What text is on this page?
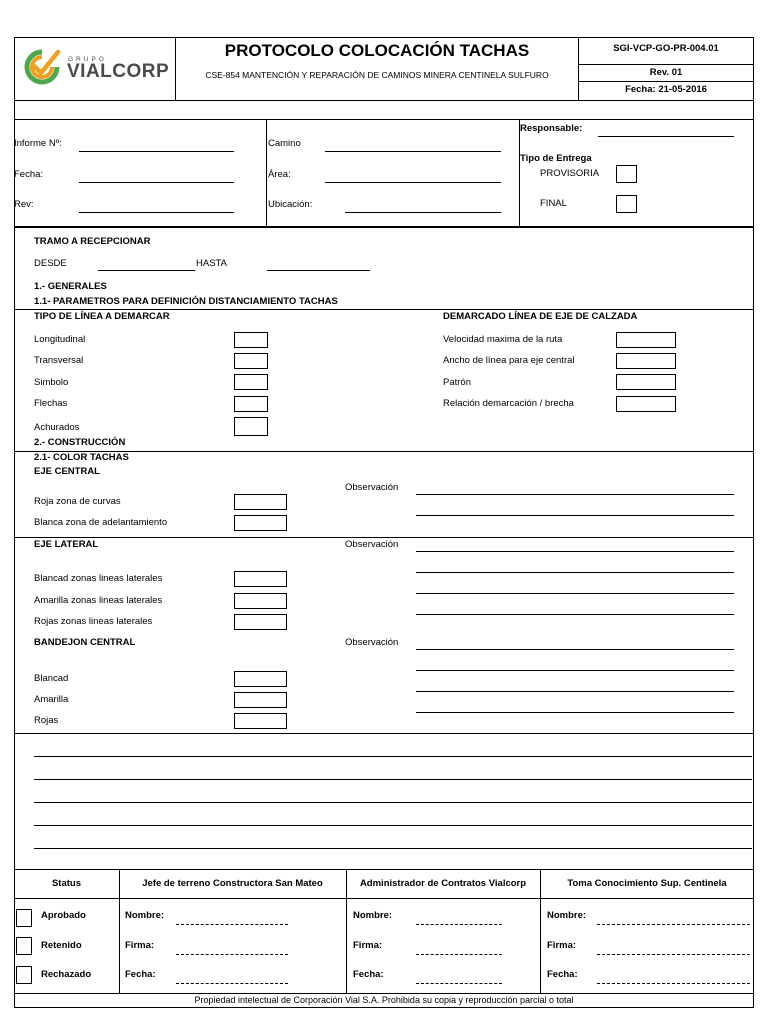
GRUPO
VIALCORP
PROTOCOLO COLOCACIÓN TACHAS
CSE-854 MANTENCIÓN Y REPARACIÓN DE CAMINOS MINERA CENTINELA SULFURO
SGI-VCP-GO-PR-004.01
Rev. 01
Fecha: 21-05-2016
Informe Nº:
Fecha:
Rev:
Camino
Área:
Ubicación:
Responsable:
Tipo de Entrega
PROVISORIA
FINAL
TRAMO A RECEPCIONAR
DESDE	HASTA
1.- GENERALES
1.1- PARAMETROS PARA DEFINICIÓN DISTANCIAMIENTO TACHAS
TIPO DE LÍNEA A DEMARCAR
Longitudinal
Transversal
Simbolo
Flechas
Achurados
DEMARCADO LÍNEA DE EJE DE CALZADA
Velocidad maxima de la ruta
Ancho de línea para eje central
Patrón
Relación demarcación / brecha
2.- CONSTRUCCIÓN
2.1- COLOR TACHAS
EJE CENTRAL
Observación
Roja zona de curvas
Blanca zona de adelantamiento
EJE LATERAL	Observación
Blancad zonas lineas laterales
Amarilla zonas lineas laterales
Rojas zonas lineas laterales
BANDEJON CENTRAL	Observación
Blancad
Amarilla
Rojas
Status	Jefe de terreno Constructora San Mateo	Administrador de Contratos Vialcorp	Toma Conocimiento Sup. Centinela
Aprobado
Retenido
Rechazado
Nombre:
Firma:
Fecha:
Nombre:
Firma:
Fecha:
Nombre:
Firma:
Fecha:
Propiedad intelectual de Corporación Vial S.A. Prohibida su copia y reproducción parcial o total
